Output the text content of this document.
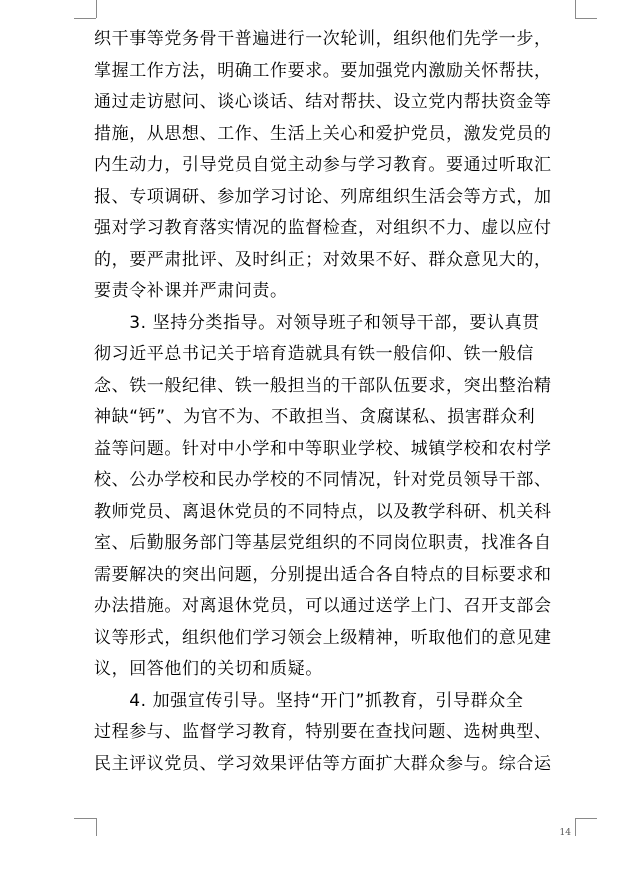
织干事等党务骨干普遍进行一次轮训，组织他们先学一步，
掌握工作方法，明确工作要求。要加强党内激励关怀帮扶，
通过走访慰问、谈心谈话、结对帮扶、设立党内帮扶资金等
措施，从思想、工作、生活上关心和爱护党员，激发党员的
内生动力，引导党员自觉主动参与学习教育。要通过听取汇
报、专项调研、参加学习讨论、列席组织生活会等方式，加
强对学习教育落实情况的监督检查，对组织不力、虚以应付
的，要严肃批评、及时纠正；对效果不好、群众意见大的，
要责令补课并严肃问责。
　　3. 坚持分类指导。对领导班子和领导干部，要认真贯
彻习近平总书记关于培育造就具有铁一般信仰、铁一般信
念、铁一般纪律、铁一般担当的干部队伍要求，突出整治精
神缺“钙”、为官不为、不敢担当、贪腐谋私、损害群众利
益等问题。针对中小学和中等职业学校、城镇学校和农村学
校、公办学校和民办学校的不同情况，针对党员领导干部、
教师党员、离退休党员的不同特点，以及教学科研、机关科
室、后勤服务部门等基层党组织的不同岗位职责，找准各自
需要解决的突出问题，分别提出适合各自特点的目标要求和
办法措施。对离退休党员，可以通过送学上门、召开支部会
议等形式，组织他们学习领会上级精神，听取他们的意见建
议，回答他们的关切和质疑。
　　4. 加强宣传引导。坚持“开门”抓教育，引导群众全
过程参与、监督学习教育，特别要在查找问题、选树典型、
民主评议党员、学习效果评估等方面扩大群众参与。综合运
14
